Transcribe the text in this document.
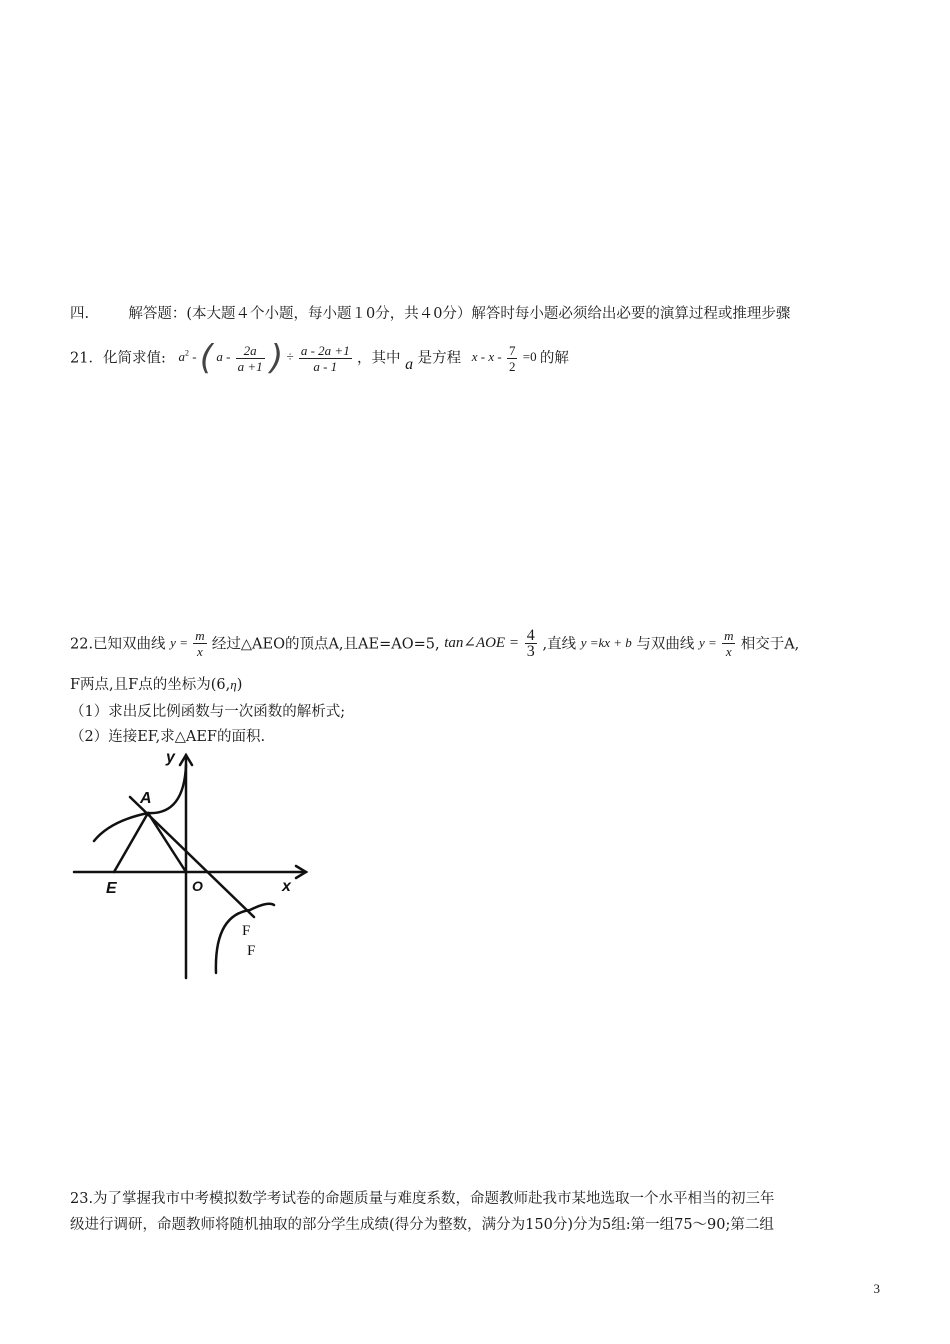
四.	解答题：(本大题４个小题，每小题１0分，共４0分）解答时每小题必须给出必要的演算过程或推理步骤
21．化简求值: $a^2$ - ( a - $\frac{2a}{a +1}$ ) ÷ $\frac{a - 2a +1}{a - 1}$ ，其中 a 是方程 $x - x - \frac{7}{2} =0$ 的解
22.已知双曲线 $y = \frac{m}{x}$ 经过△AEO的顶点A,且AE=AO=5, tan∠AOE = $\frac{4}{3}$ ,直线 y =kx + b 与双曲线 $y = \frac{m}{x}$ 相交于A,
F两点,且F点的坐标为(6,η)
（1）求出反比例函数与一次函数的解析式;
（2）连接EF,求△AEF的面积.
y
x
O
A
E
F
F
23.为了掌握我市中考模拟数学考试卷的命题质量与难度系数，命题教师赴我市某地选取一个水平相当的初三年
级进行调研，命题教师将随机抽取的部分学生成绩(得分为整数，满分为150分)分为5组:第一组75～90;第二组
3
